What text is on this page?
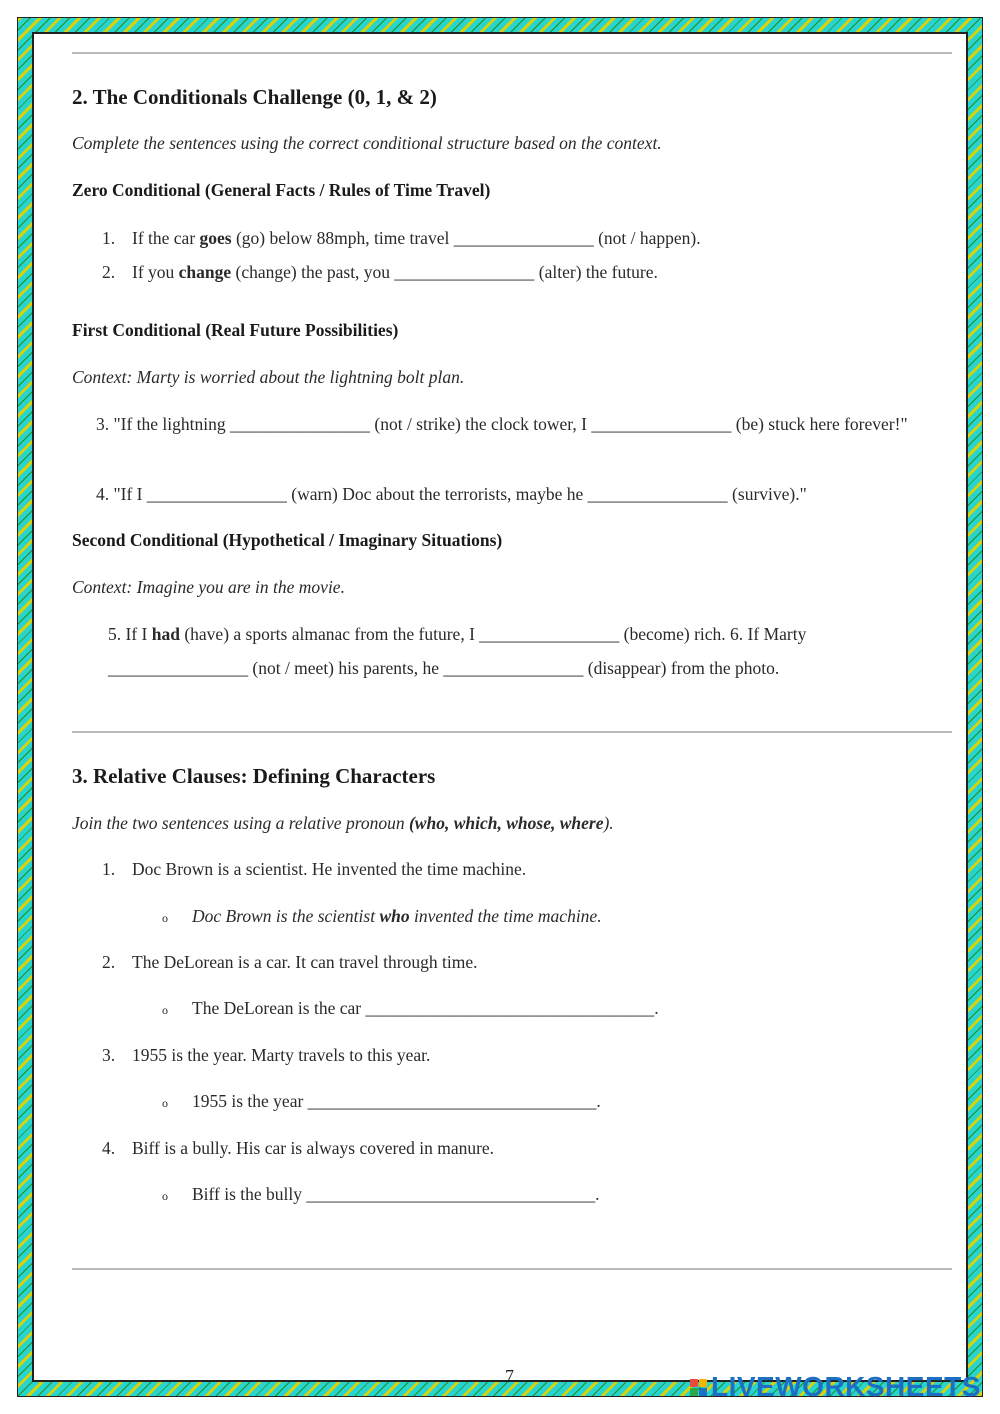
2. The Conditionals Challenge (0, 1, & 2)
Complete the sentences using the correct conditional structure based on the context.
Zero Conditional (General Facts / Rules of Time Travel)
1. If the car goes (go) below 88mph, time travel ________________ (not / happen).
2. If you change (change) the past, you ________________ (alter) the future.
First Conditional (Real Future Possibilities)
Context: Marty is worried about the lightning bolt plan.
3. "If the lightning ________________ (not / strike) the clock tower, I ________________ (be) stuck here forever!"
4. "If I ________________ (warn) Doc about the terrorists, maybe he ________________ (survive)."
Second Conditional (Hypothetical / Imaginary Situations)
Context: Imagine you are in the movie.
5. If I had (have) a sports almanac from the future, I ________________ (become) rich. 6. If Marty
________________ (not / meet) his parents, he ________________ (disappear) from the photo.
3. Relative Clauses: Defining Characters
Join the two sentences using a relative pronoun (who, which, whose, where).
1. Doc Brown is a scientist. He invented the time machine.
o Doc Brown is the scientist who invented the time machine.
2. The DeLorean is a car. It can travel through time.
o The DeLorean is the car _________________________________.
3. 1955 is the year. Marty travels to this year.
o 1955 is the year _________________________________.
4. Biff is a bully. His car is always covered in manure.
o Biff is the bully _________________________________.
7	LIVEWORKSHEETS
